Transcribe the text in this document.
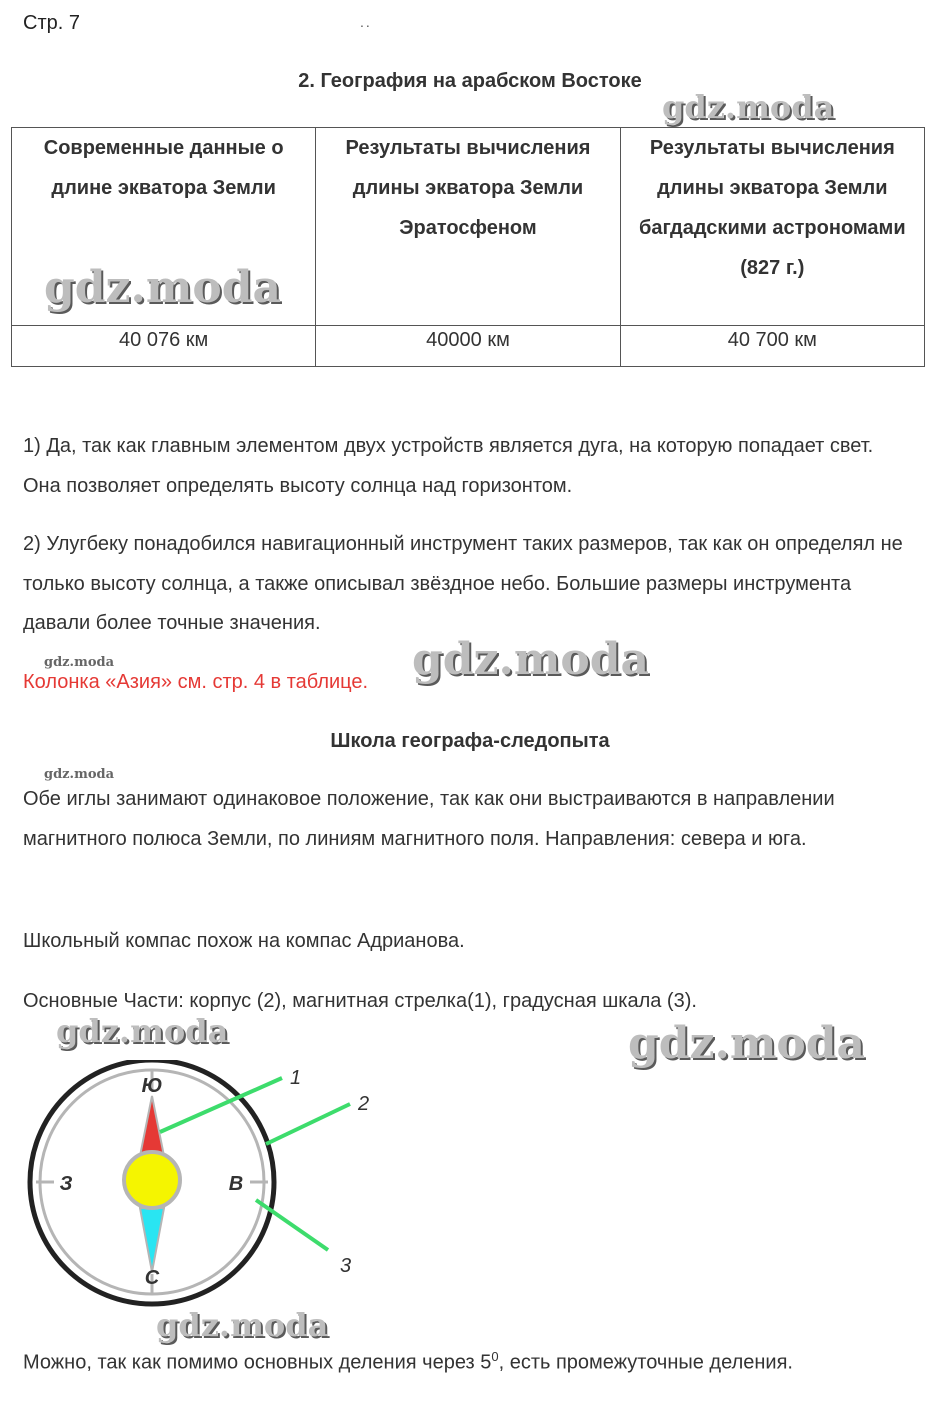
Стр. 7	..
2. География на арабском Востоке
gdz.moda
Современные данные о длине экватора Земли	Результаты вычисления длины экватора Земли Эратосфеном	Результаты вычисления длины экватора Земли багдадскими астрономами (827 г.)
40 076 км	40000 км	40 700 км
gdz.moda

1) Да, так как главным элементом двух устройств является дуга, на которую попадает свет. Она позволяет определять высоту солнца над горизонтом.

2) Улугбеку понадобился навигационный инструмент таких размеров, так как он определял не только высоту солнца, а также описывал звёздное небо. Большие размеры инструмента давали более точные значения.

gdz.moda	gdz.moda

Колонка «Азия» см. стр. 4 в таблице.

Школа географа-следопыта
gdz.moda

Обе иглы занимают одинаковое положение, так как они выстраиваются в направлении магнитного полюса Земли, по линиям магнитного поля. Направления: севера и юга.

Школьный компас похож на компас Адрианова.

Основные Части: корпус (2), магнитная стрелка(1), градусная шкала (3).

gdz.moda	gdz.moda
Ю
С
З	В
1
2
3
gdz.moda

Можно, так как помимо основных деления через $5^0$, есть промежуточные деления.
